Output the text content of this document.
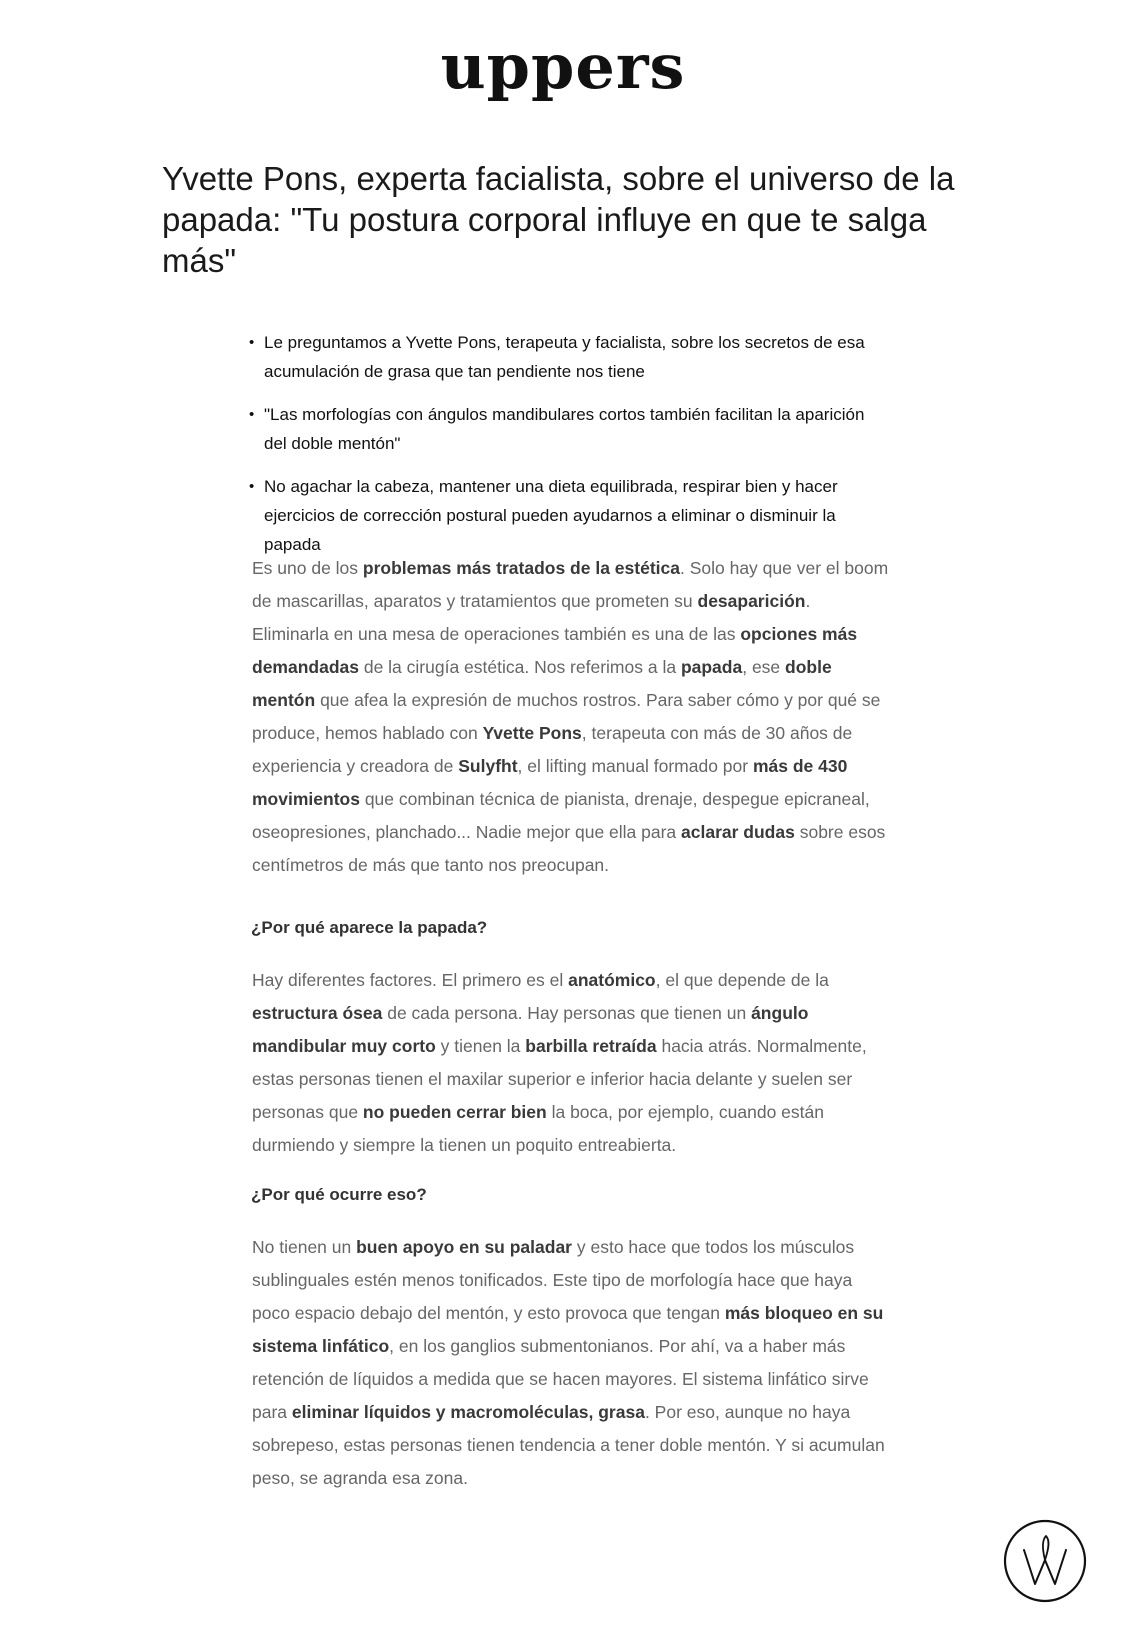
uppers
Yvette Pons, experta facialista, sobre el universo de la papada: "Tu postura corporal influye en que te salga más"
• Le preguntamos a Yvette Pons, terapeuta y facialista, sobre los secretos de esa acumulación de grasa que tan pendiente nos tiene
• "Las morfologías con ángulos mandibulares cortos también facilitan la aparición del doble mentón"
• No agachar la cabeza, mantener una dieta equilibrada, respirar bien y hacer ejercicios de corrección postural pueden ayudarnos a eliminar o disminuir la papada

Es uno de los problemas más tratados de la estética. Solo hay que ver el boom de mascarillas, aparatos y tratamientos que prometen su desaparición. Eliminarla en una mesa de operaciones también es una de las opciones más demandadas de la cirugía estética. Nos referimos a la papada, ese doble mentón que afea la expresión de muchos rostros. Para saber cómo y por qué se produce, hemos hablado con Yvette Pons, terapeuta con más de 30 años de experiencia y creadora de Sulyfht, el lifting manual formado por más de 430 movimientos que combinan técnica de pianista, drenaje, despegue epicraneal, oseopresiones, planchado... Nadie mejor que ella para aclarar dudas sobre esos centímetros de más que tanto nos preocupan.

¿Por qué aparece la papada?

Hay diferentes factores. El primero es el anatómico, el que depende de la estructura ósea de cada persona. Hay personas que tienen un ángulo mandibular muy corto y tienen la barbilla retraída hacia atrás. Normalmente, estas personas tienen el maxilar superior e inferior hacia delante y suelen ser personas que no pueden cerrar bien la boca, por ejemplo, cuando están durmiendo y siempre la tienen un poquito entreabierta.

¿Por qué ocurre eso?

No tienen un buen apoyo en su paladar y esto hace que todos los músculos sublinguales estén menos tonificados. Este tipo de morfología hace que haya poco espacio debajo del mentón, y esto provoca que tengan más bloqueo en su sistema linfático, en los ganglios submentonianos. Por ahí, va a haber más retención de líquidos a medida que se hacen mayores. El sistema linfático sirve para eliminar líquidos y macromoléculas, grasa. Por eso, aunque no haya sobrepeso, estas personas tienen tendencia a tener doble mentón. Y si acumulan peso, se agranda esa zona.
